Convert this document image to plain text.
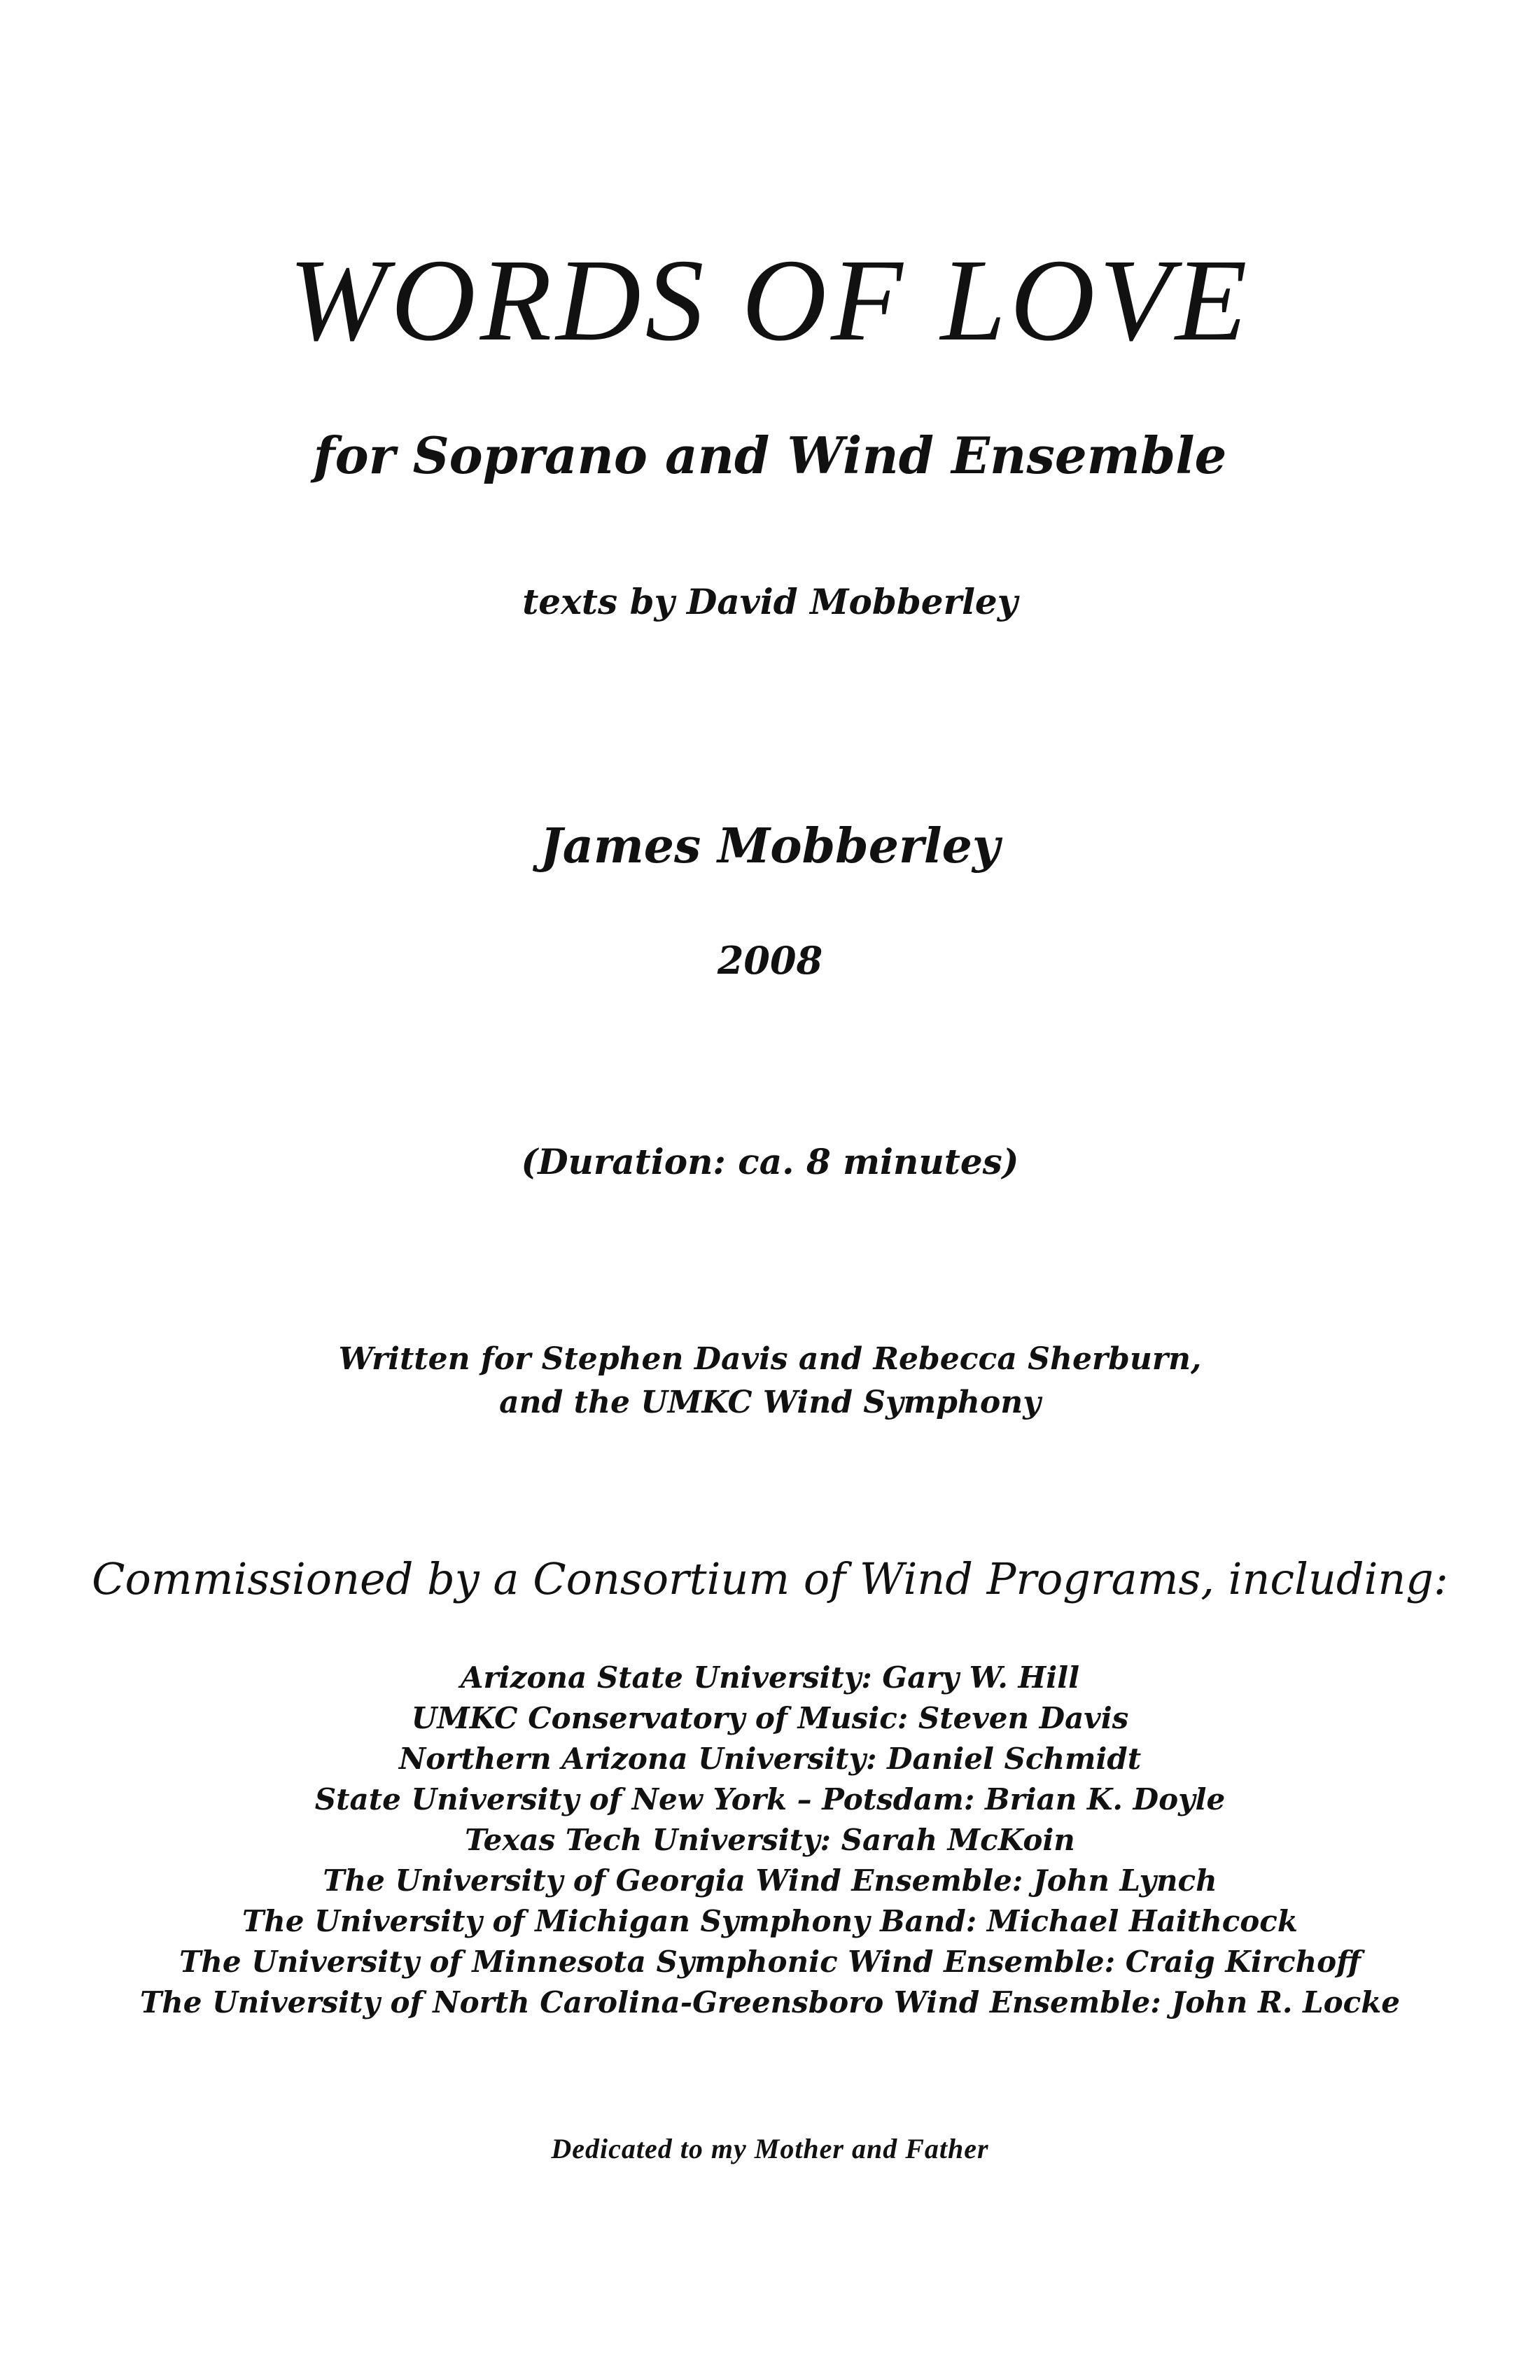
WORDS OF LOVE
for Soprano and Wind Ensemble
texts by David Mobberley
James Mobberley
2008
(Duration: ca. 8 minutes)
Written for Stephen Davis and Rebecca Sherburn,
and the UMKC Wind Symphony
Commissioned by a Consortium of Wind Programs, including:
Arizona State University: Gary W. Hill
UMKC Conservatory of Music: Steven Davis
Northern Arizona University: Daniel Schmidt
State University of New York – Potsdam: Brian K. Doyle
Texas Tech University: Sarah McKoin
The University of Georgia Wind Ensemble: John Lynch
The University of Michigan Symphony Band: Michael Haithcock
The University of Minnesota Symphonic Wind Ensemble: Craig Kirchoff
The University of North Carolina-Greensboro Wind Ensemble: John R. Locke
Dedicated to my Mother and Father
